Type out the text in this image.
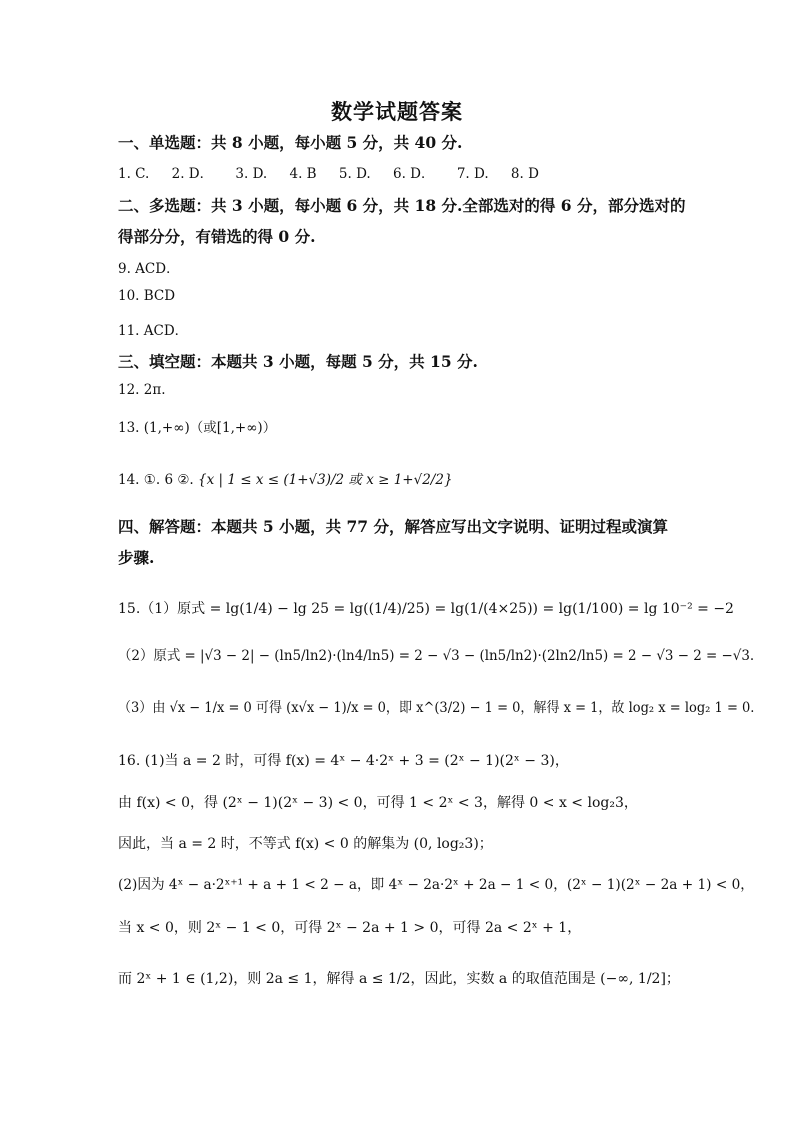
数学试题答案
一、单选题：共 8 小题，每小题 5 分，共 40 分.
1. C. 2. D． 3. D. 4. B 5. D. 6. D． 7. D. 8. D
二、多选题：共 3 小题，每小题 6 分，共 18 分.全部选对的得 6 分，部分选对的
得部分分，有错选的得 0 分.
9. ACD．
10. BCD
11. ACD．
三、填空题：本题共 3 小题，每题 5 分，共 15 分.
12. 2π.
13. (1,+∞)（或[1,+∞)）
14. ①. 6 ②. {x | 1 ≤ x ≤ (1+√3)/2 或 x ≥ 1+√2/2}
四、解答题：本题共 5 小题，共 77 分，解答应写出文字说明、证明过程或演算
步骤.
15.（1）原式 = lg(1/4) − lg 25 = lg((1/4)/25) = lg(1/(4×25)) = lg(1/100) = lg 10⁻² = −2
（2）原式 = |√3 − 2| − (ln5/ln2)·(ln4/ln5) = 2 − √3 − (ln5/ln2)·(2ln2/ln5) = 2 − √3 − 2 = −√3.
（3）由 √x − 1/x = 0 可得 (x√x − 1)/x = 0，即 x^(3/2) − 1 = 0，解得 x = 1，故 log₂ x = log₂ 1 = 0.
16. (1)当 a = 2 时，可得 f(x) = 4ˣ − 4·2ˣ + 3 = (2ˣ − 1)(2ˣ − 3)，
由 f(x) < 0，得 (2ˣ − 1)(2ˣ − 3) < 0，可得 1 < 2ˣ < 3，解得 0 < x < log₂3，
因此，当 a = 2 时，不等式 f(x) < 0 的解集为 (0, log₂3)；
(2)因为 4ˣ − a·2ˣ⁺¹ + a + 1 < 2 − a，即 4ˣ − 2a·2ˣ + 2a − 1 < 0，(2ˣ − 1)(2ˣ − 2a + 1) < 0，
当 x < 0，则 2ˣ − 1 < 0，可得 2ˣ − 2a + 1 > 0，可得 2a < 2ˣ + 1，
而 2ˣ + 1 ∈ (1,2)，则 2a ≤ 1，解得 a ≤ 1/2，因此，实数 a 的取值范围是 (−∞, 1/2]；
